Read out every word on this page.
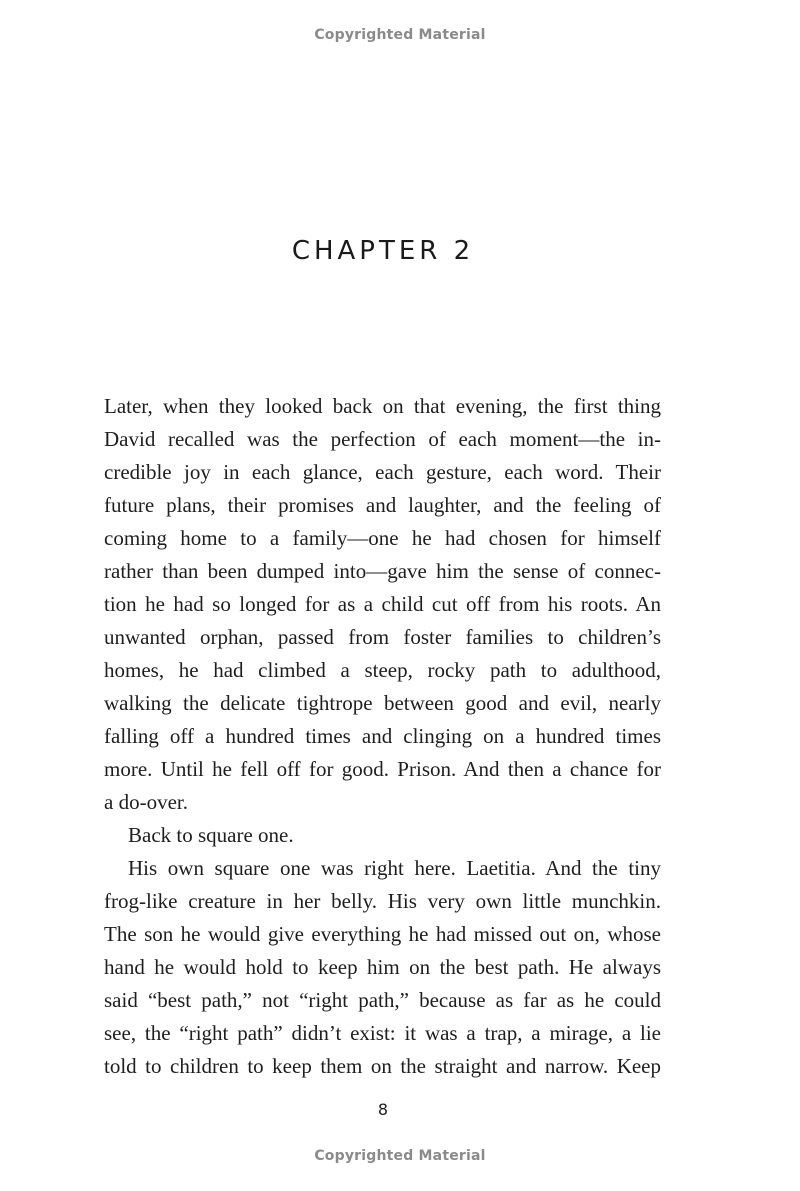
Copyrighted Material
CHAPTER 2
Later, when they looked back on that evening, the first thing
David recalled was the perfection of each moment—the in-
credible joy in each glance, each gesture, each word. Their
future plans, their promises and laughter, and the feeling of
coming home to a family—one he had chosen for himself
rather than been dumped into—gave him the sense of connec-
tion he had so longed for as a child cut off from his roots. An
unwanted orphan, passed from foster families to children’s
homes, he had climbed a steep, rocky path to adulthood,
walking the delicate tightrope between good and evil, nearly
falling off a hundred times and clinging on a hundred times
more. Until he fell off for good. Prison. And then a chance for
a do-over.
Back to square one.
His own square one was right here. Laetitia. And the tiny
frog-like creature in her belly. His very own little munchkin.
The son he would give everything he had missed out on, whose
hand he would hold to keep him on the best path. He always
said “best path,” not “right path,” because as far as he could
see, the “right path” didn’t exist: it was a trap, a mirage, a lie
told to children to keep them on the straight and narrow. Keep
8
Copyrighted Material
